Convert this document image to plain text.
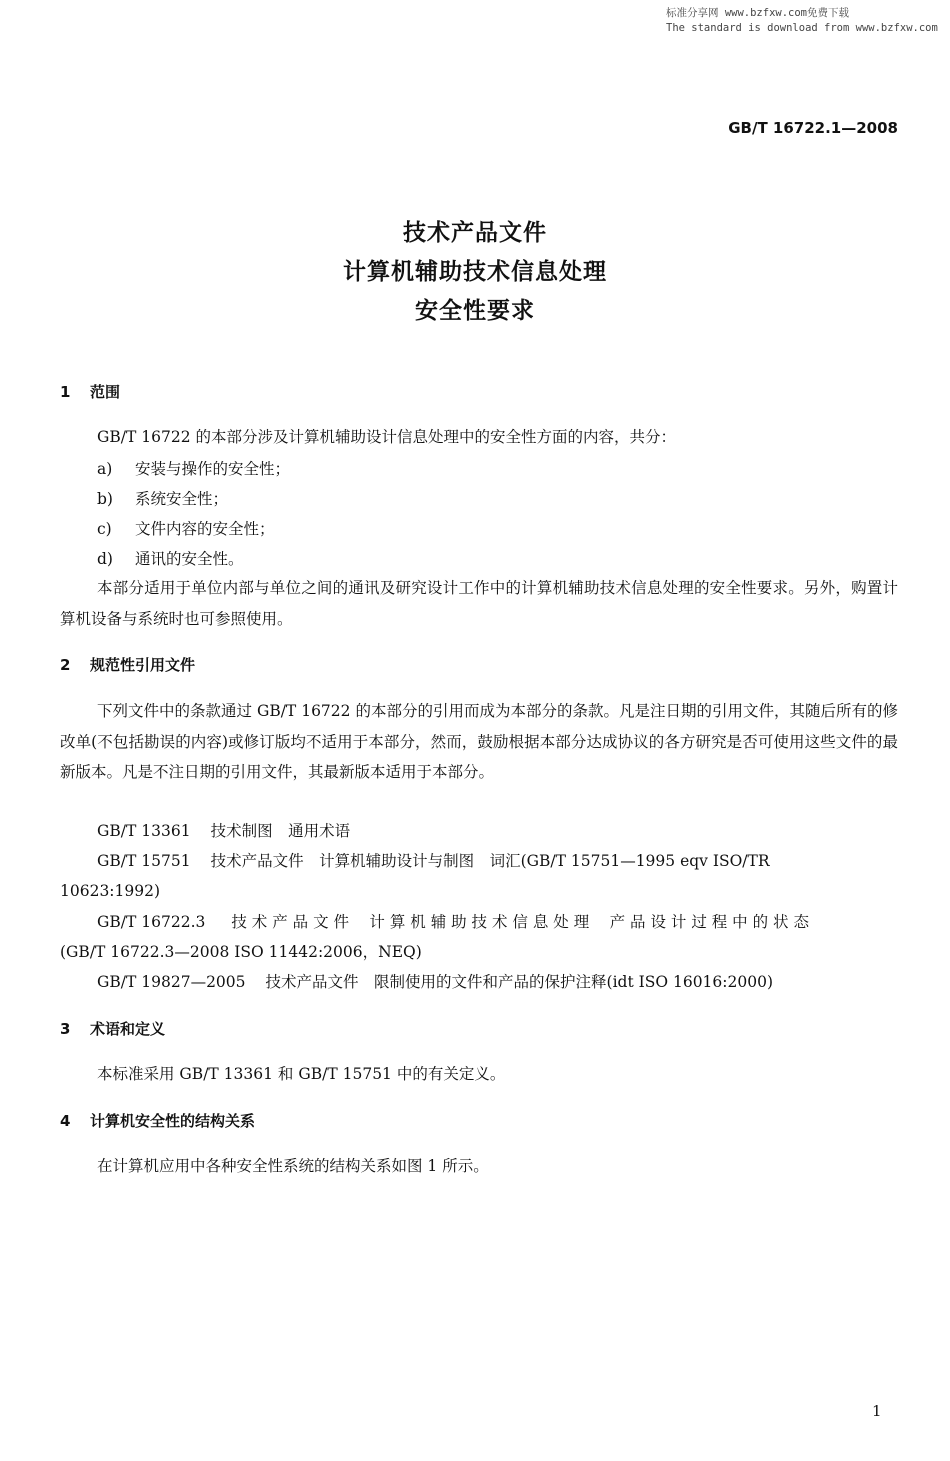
标准分享网 www.bzfxw.com免费下载
The standard is download from www.bzfxw.com
GB/T 16722.1—2008
技术产品文件
计算机辅助技术信息处理
安全性要求
1 范围
GB/T 16722 的本部分涉及计算机辅助设计信息处理中的安全性方面的内容，共分：
a) 安装与操作的安全性；
b) 系统安全性；
c) 文件内容的安全性；
d) 通讯的安全性。
本部分适用于单位内部与单位之间的通讯及研究设计工作中的计算机辅助技术信息处理的安全性要求。另外，购置计算机设备与系统时也可参照使用。
2 规范性引用文件
下列文件中的条款通过 GB/T 16722 的本部分的引用而成为本部分的条款。凡是注日期的引用文件，其随后所有的修改单(不包括勘误的内容)或修订版均不适用于本部分，然而，鼓励根据本部分达成协议的各方研究是否可使用这些文件的最新版本。凡是不注日期的引用文件，其最新版本适用于本部分。
GB/T 13361 技术制图　通用术语
GB/T 15751 技术产品文件　计算机辅助设计与制图　词汇(GB/T 15751—1995 eqv ISO/TR
10623:1992)
GB/T 16722.3 技 术 产 品 文 件　 计 算 机 辅 助 技 术 信 息 处 理　 产 品 设 计 过 程 中 的 状 态
(GB/T 16722.3—2008 ISO 11442:2006，NEQ)
GB/T 19827—2005 技术产品文件　限制使用的文件和产品的保护注释(idt ISO 16016:2000)
3 术语和定义
本标准采用 GB/T 13361 和 GB/T 15751 中的有关定义。
4 计算机安全性的结构关系
在计算机应用中各种安全性系统的结构关系如图 1 所示。
1
